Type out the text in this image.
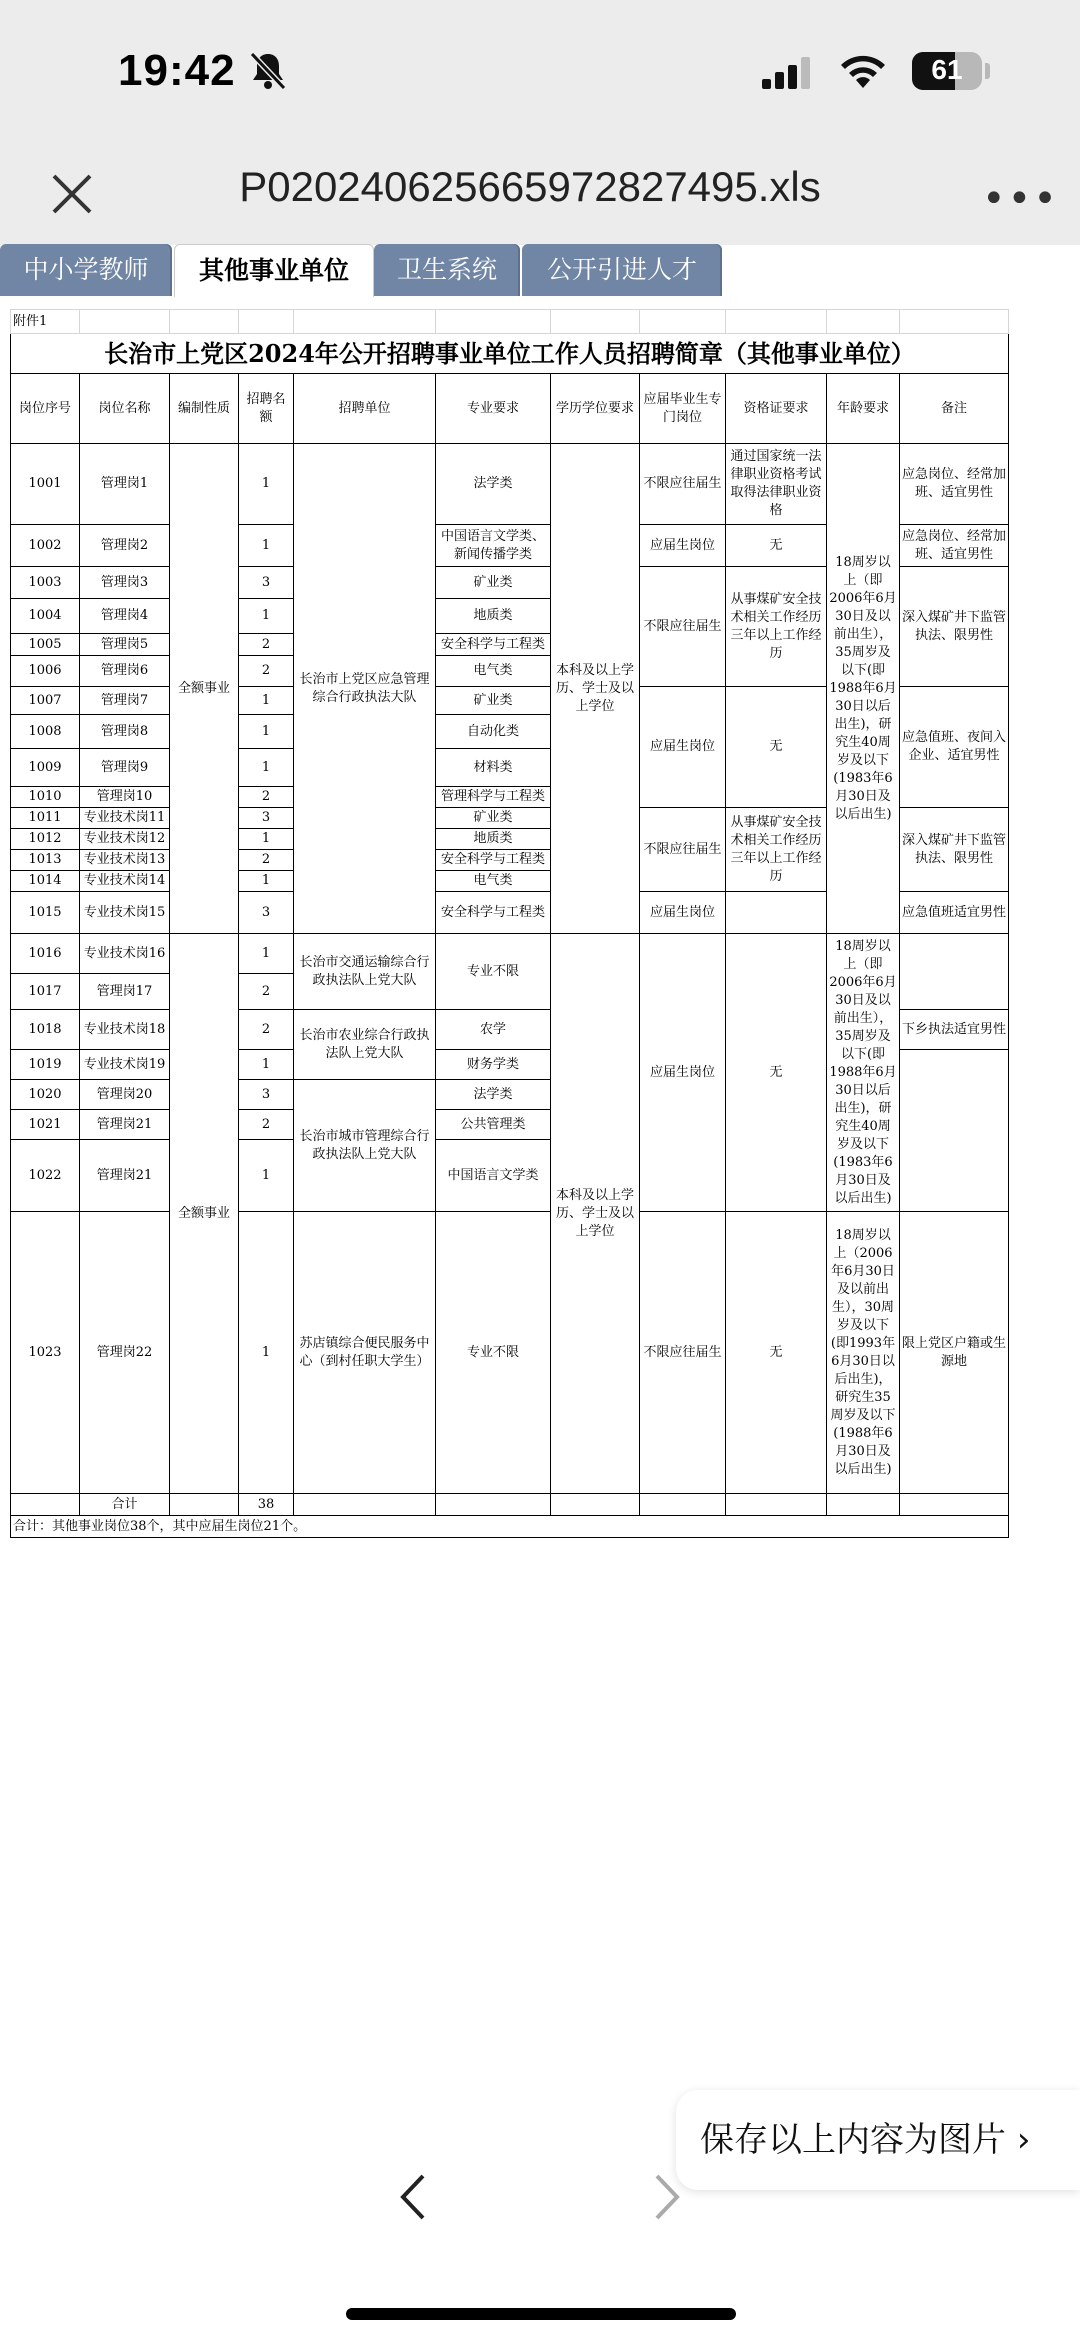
19:42	61
P020240625665972827495.xls	•••
中小学教师	其他事业单位	卫生系统	公开引进人才
附件1										
长治市上党区2024年公开招聘事业单位工作人员招聘简章（其他事业单位）										
岗位序号	岗位名称	编制性质	招聘名额	招聘单位	专业要求	学历学位要求	应届毕业生专门岗位	资格证要求	年龄要求	备注
1001	管理岗1	全额事业	1	长治市上党区应急管理综合行政执法大队	法学类	本科及以上学历、学士及以上学位	不限应往届生	通过国家统一法律职业资格考试取得法律职业资格	18周岁以上（即2006年6月30日及以前出生），35周岁及以下(即1988年6月30日以后出生)，研究生40周岁及以下(1983年6月30日及以后出生)	应急岗位、经常加班、适宜男性
1002	管理岗2		1		中国语言文学类、新闻传播学类		应届生岗位	无		应急岗位、经常加班、适宜男性
1003	管理岗3		3		矿业类		不限应往届生	从事煤矿安全技术相关工作经历三年以上工作经历		深入煤矿井下监管执法、限男性
1004	管理岗4		1		地质类					
1005	管理岗5		2		安全科学与工程类					
1006	管理岗6		2		电气类					
1007	管理岗7		1		矿业类		应届生岗位	无		应急值班、夜间入企业、适宜男性
1008	管理岗8		1		自动化类					
1009	管理岗9		1		材料类					
1010	管理岗10		2		管理科学与工程类					
1011	专业技术岗11		3		矿业类		不限应往届生	从事煤矿安全技术相关工作经历三年以上工作经历		深入煤矿井下监管执法、限男性
1012	专业技术岗12		1		地质类					
1013	专业技术岗13		2		安全科学与工程类					
1014	专业技术岗14		1		电气类					
1015	专业技术岗15		3		安全科学与工程类		应届生岗位			应急值班适宜男性
1016	专业技术岗16	全额事业	1	长治市交通运输综合行政执法队上党大队	专业不限	本科及以上学历、学士及以上学位	应届生岗位	无	18周岁以上（即2006年6月30日及以前出生），35周岁及以下(即1988年6月30日以后出生)，研究生40周岁及以下(1983年6月30日及以后出生)	
1017	管理岗17		2							
1018	专业技术岗18		2	长治市农业综合行政执法队上党大队	农学					下乡执法适宜男性
1019	专业技术岗19		1		财务学类					
1020	管理岗20		3	长治市城市管理综合行政执法队上党大队	法学类					
1021	管理岗21		2		公共管理类					
1022	管理岗21		1		中国语言文学类					
1023	管理岗22		1	苏店镇综合便民服务中心（到村任职大学生）	专业不限		不限应往届生	无	18周岁以上（2006年6月30日及以前出生），30周岁及以下(即1993年6月30日以后出生)，研究生35周岁及以下(1988年6月30日及以后出生)	限上党区户籍或生源地
	合计		38							
合计：其他事业岗位38个，其中应届生岗位21个。										
保存以上内容为图片 ›
